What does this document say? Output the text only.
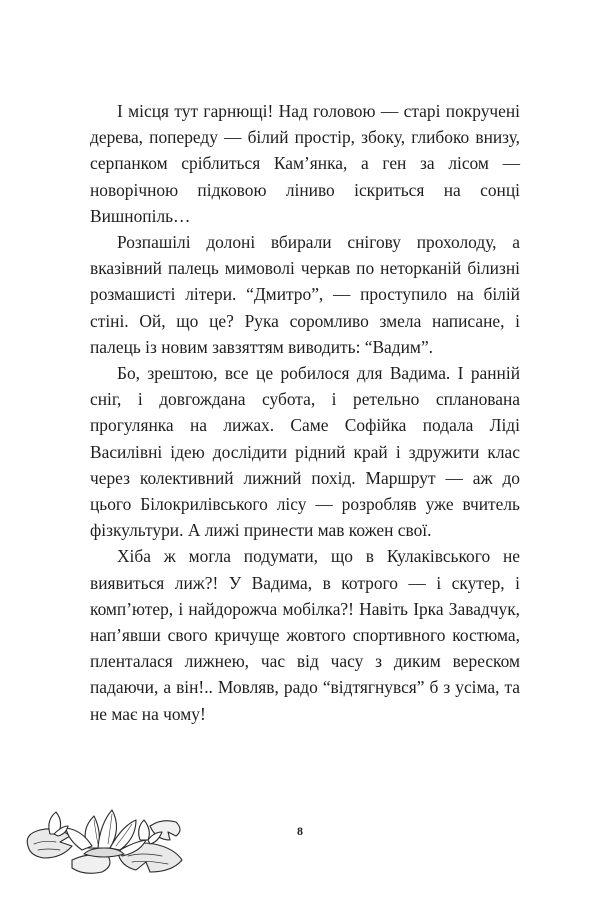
І місця тут гарнющі! Над головою — старі покручені дерева, попереду — білий простір, збоку, глибоко внизу, серпанком сріблиться Кам’янка, а ген за лісом — новорічною підковою ліниво іскриться на сонці Вишнопіль…

Розпашілі долоні вбирали снігову прохолоду, а вказівний палець мимоволі черкав по неторканій білизні розмашисті літери. “Дмитро”, — проступило на білій стіні. Ой, що це? Рука соромливо змела написане, і палець із новим завзяттям виводить: “Вадим”.

Бо, зрештою, все це робилося для Вадима. І ранній сніг, і довгождана субота, і ретельно спланована прогулянка на лижах. Саме Софійка подала Ліді Василівні ідею дослідити рідний край і здружити клас через колективний лижний похід. Маршрут — аж до цього Білокрилівського лісу — розробляв уже вчитель фізкультури. А лижі принести мав кожен свої.

Хіба ж могла подумати, що в Кулаківського не виявиться лиж?! У Вадима, в котрого — і скутер, і комп’ютер, і найдорожча мобілка?! Навіть Ірка Завадчук, нап’явши свого кричуще жовтого спортивного костюма, пленталася лижнею, час від часу з диким вереском падаючи, а він!.. Мовляв, радо “відтягнувся” б з усіма, та не має на чому!

8
